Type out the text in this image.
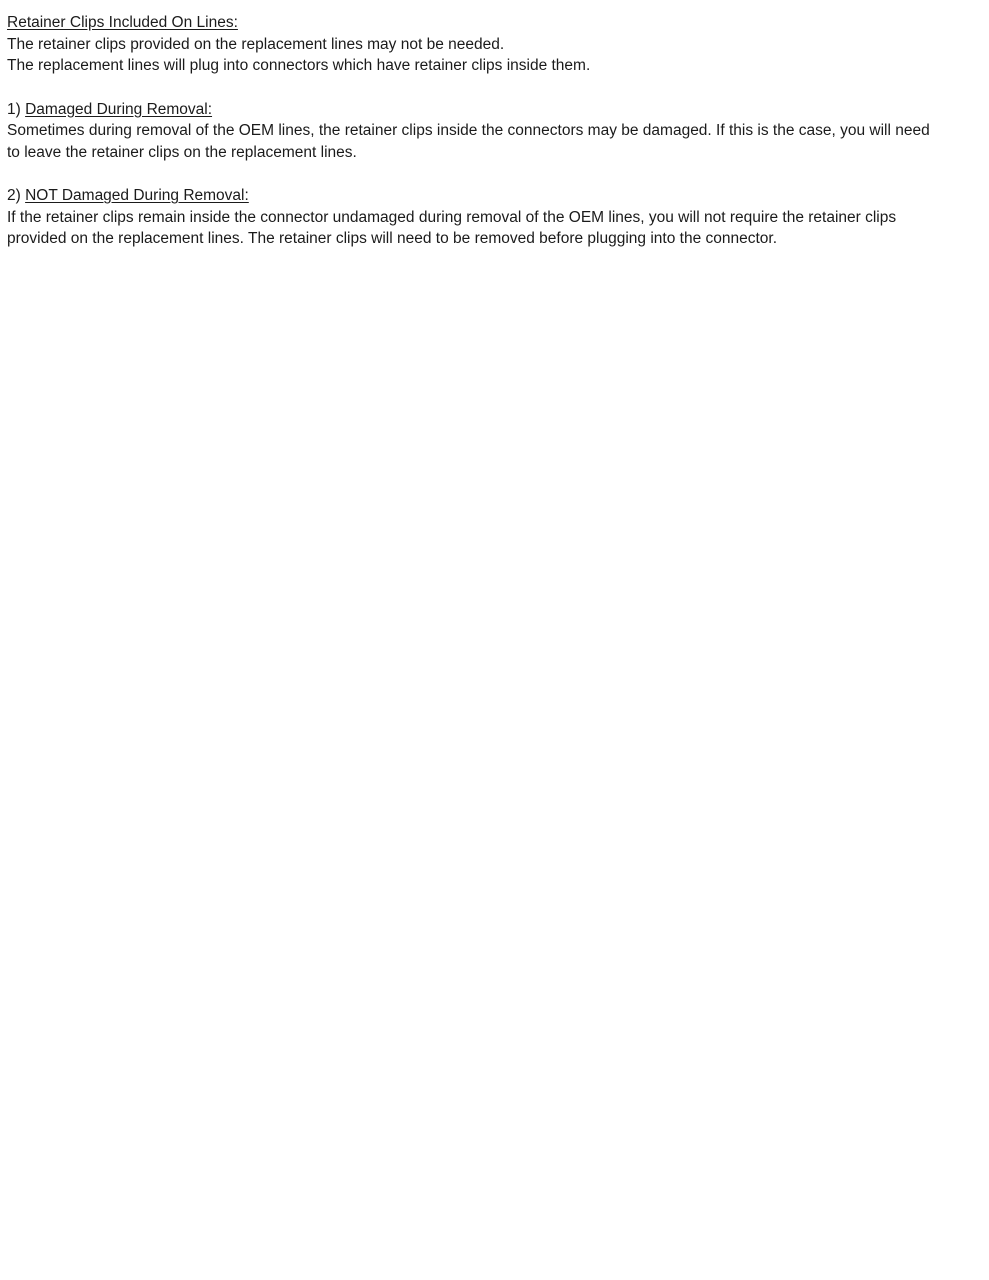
Retainer Clips Included On Lines:

The retainer clips provided on the replacement lines may not be needed.

The replacement lines will plug into connectors which have retainer clips inside them.

1) Damaged During Removal:

Sometimes during removal of the OEM lines, the retainer clips inside the connectors may be damaged. If this is the case, you will need to leave the retainer clips on the replacement lines.

2) NOT Damaged During Removal:

If the retainer clips remain inside the connector undamaged during removal of the OEM lines, you will not require the retainer clips provided on the replacement lines. The retainer clips will need to be removed before plugging into the connector.
